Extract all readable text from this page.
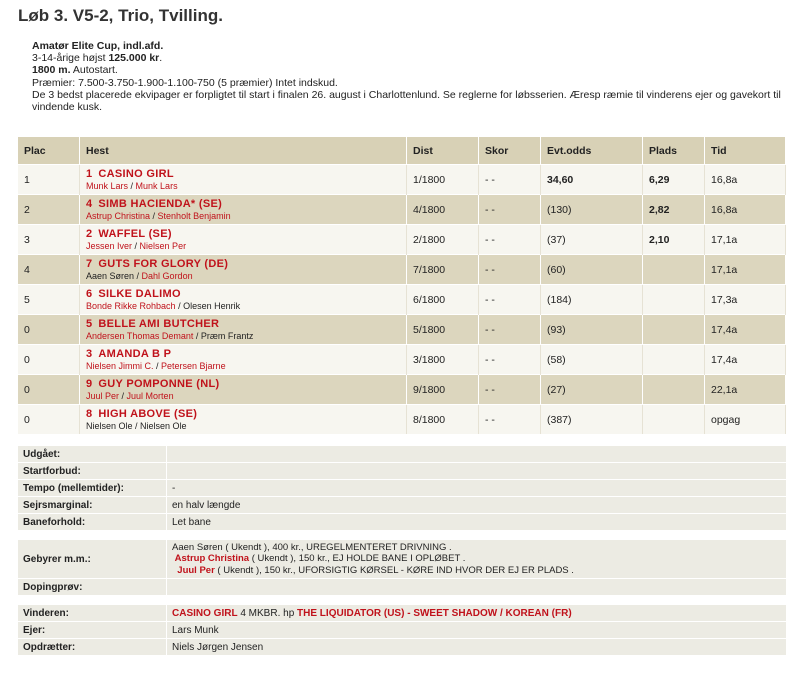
Løb 3. V5-2, Trio, Tvilling.
Amatør Elite Cup, indl.afd.
3-14-årige højst 125.000 kr.
1800 m. Autostart.
Præmier: 7.500-3.750-1.900-1.100-750 (5 præmier) Intet indskud.
De 3 bedst placerede ekvipager er forpligtet til start i finalen 26. august i Charlottenlund. Se reglerne for løbsserien. Æresp ræmie til vinderens ejer og gavekort til vindende kusk.
Plac	Hest	Dist	Skor	Evt.odds	Plads	Tid
1	1 CASINO GIRL
Munk Lars / Munk Lars	1/1800	- -	34,60	6,29	16,8a
2	4 SIMB HACIENDA* (SE)
Astrup Christina / Stenholt Benjamin	4/1800	- -	(130)	2,82	16,8a
3	2 WAFFEL (SE)
Jessen Iver / Nielsen Per	2/1800	- -	(37)	2,10	17,1a
4	7 GUTS FOR GLORY (DE)
Aaen Søren / Dahl Gordon	7/1800	- -	(60)		17,1a
5	6 SILKE DALIMO
Bonde Rikke Rohbach / Olesen Henrik	6/1800	- -	(184)		17,3a
0	5 BELLE AMI BUTCHER
Andersen Thomas Demant / Præm Frantz	5/1800	- -	(93)		17,4a
0	3 AMANDA B P
Nielsen Jimmi C. / Petersen Bjarne	3/1800	- -	(58)		17,4a
0	9 GUY POMPONNE (NL)
Juul Per / Juul Morten	9/1800	- -	(27)		22,1a
0	8 HIGH ABOVE (SE)
Nielsen Ole / Nielsen Ole	8/1800	- -	(387)		opgag
Udgået:	
Startforbud:	
Tempo (mellemtider):	-
Sejrsmarginal:	en halv længde
Baneforhold:	Let bane

Gebyrer m.m.:	Aaen Søren ( Ukendt ), 400 kr., UREGELMENTERET DRIVNING .
Astrup Christina ( Ukendt ), 150 kr., EJ HOLDE BANE I OPLØBET .
Juul Per ( Ukendt ), 150 kr., UFORSIGTIG KØRSEL - KØRE IND HVOR DER EJ ER PLADS .

Dopingprøv:	

Vinderen:	CASINO GIRL 4 MKBR. hp THE LIQUIDATOR (US) - SWEET SHADOW / KOREAN (FR)
Ejer:	Lars Munk
Opdrætter:	Niels Jørgen Jensen
